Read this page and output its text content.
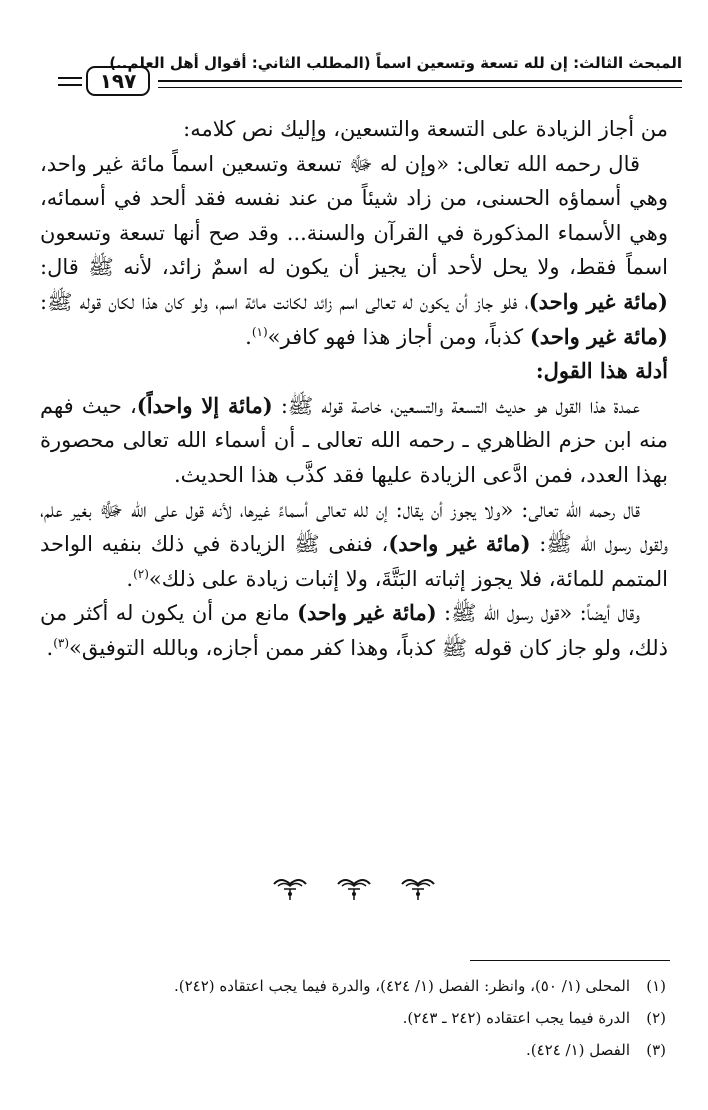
المبحث الثالث: إن لله تسعة وتسعين اسماً (المطلب الثاني: أقوال أهل العلم..)
١٩٧

من أجاز الزيادة على التسعة والتسعين، وإليك نص كلامه:

قال رحمه الله تعالى: «وإن له ﷻ تسعة وتسعين اسماً مائة غير واحد، وهي أسماؤه الحسنى، من زاد شيئاً من عند نفسه فقد ألحد في أسمائه، وهي الأسماء المذكورة في القرآن والسنة... وقد صح أنها تسعة وتسعون اسماً فقط، ولا يحل لأحد أن يجيز أن يكون له اسمٌ زائد، لأنه ﷺ قال: (مائة غير واحد)، فلو جاز أن يكون له تعالى اسم زائد لكانت مائة اسم، ولو كان هذا لكان قوله ﷺ: (مائة غير واحد) كذباً، ومن أجاز هذا فهو كافر»$^{(١)}$.

أدلة هذا القول:

عمدة هذا القول هو حديث التسعة والتسعين، خاصة قوله ﷺ: (مائة إلا واحداً)، حيث فهم منه ابن حزم الظاهري ـ رحمه الله تعالى ـ أن أسماء الله تعالى محصورة بهذا العدد، فمن ادَّعى الزيادة عليها فقد كذَّب هذا الحديث.

قال رحمه الله تعالى: «ولا يجوز أن يقال: إن لله تعالى أسماءً غيرها، لأنه قول على الله ﷻ بغير علم، ولقول رسول الله ﷺ: (مائة غير واحد)، فنفى ﷺ الزيادة في ذلك بنفيه الواحد المتمم للمائة، فلا يجوز إثباته البَتَّةَ، ولا إثبات زيادة على ذلك»$^{(٢)}$.

وقال أيضاً: «قول رسول الله ﷺ: (مائة غير واحد) مانع من أن يكون له أكثر من ذلك، ولو جاز كان قوله ﷺ كذباً، وهذا كفر ممن أجازه، وبالله التوفيق»$^{(٣)}$.

(١)المحلى (١/ ٥٠)، وانظر: الفصل (١/ ٤٢٤)، والدرة فيما يجب اعتقاده (٢٤٢).
(٢)الدرة فيما يجب اعتقاده (٢٤٢ ـ ٢٤٣).
(٣)الفصل (١/ ٤٢٤).
